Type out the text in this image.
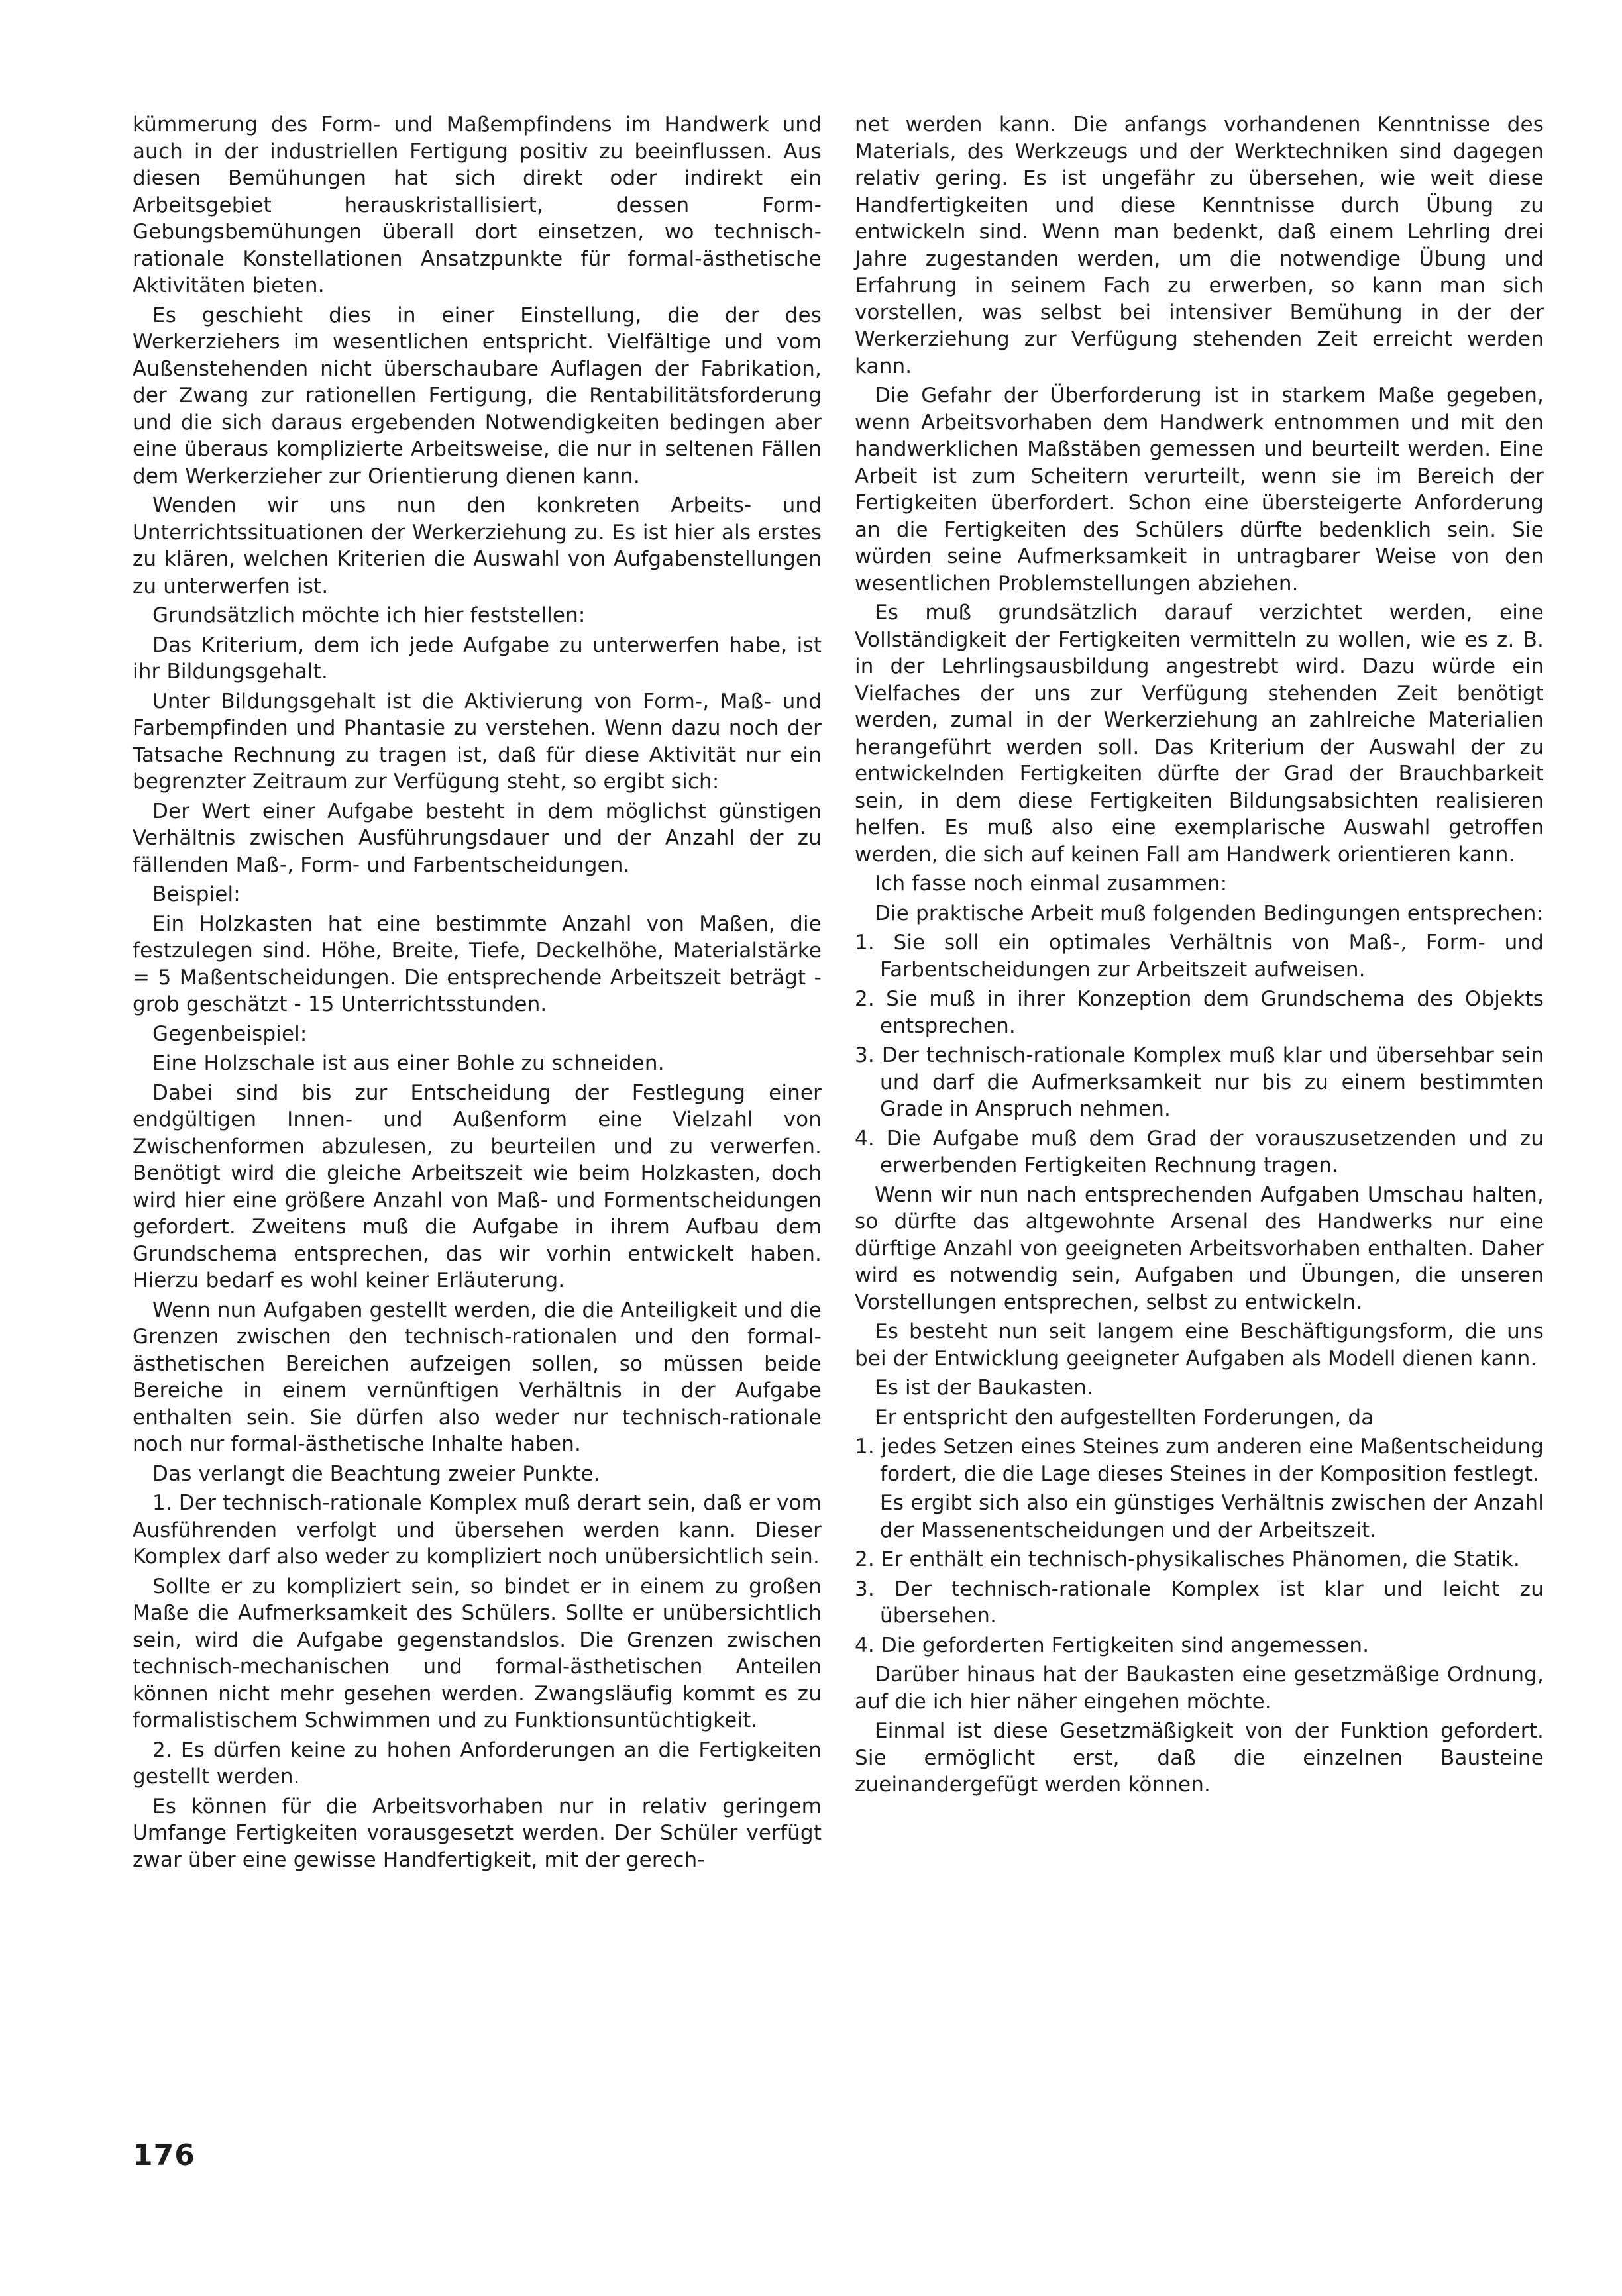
kümmerung des Form- und Maßempfindens im Handwerk und auch in der industriellen Fertigung positiv zu beeinflussen. Aus diesen Bemühungen hat sich direkt oder indirekt ein Arbeitsgebiet herauskristallisiert, dessen Form-Gebungsbemühungen überall dort einsetzen, wo technisch-rationale Konstellationen Ansatzpunkte für formal-ästhetische Aktivitäten bieten.

Es geschieht dies in einer Einstellung, die der des Werkerziehers im wesentlichen entspricht. Vielfältige und vom Außenstehenden nicht überschaubare Auflagen der Fabrikation, der Zwang zur rationellen Fertigung, die Rentabilitätsforderung und die sich daraus ergebenden Notwendigkeiten bedingen aber eine überaus komplizierte Arbeitsweise, die nur in seltenen Fällen dem Werkerzieher zur Orientierung dienen kann.

Wenden wir uns nun den konkreten Arbeits- und Unterrichtssituationen der Werkerziehung zu. Es ist hier als erstes zu klären, welchen Kriterien die Auswahl von Aufgabenstellungen zu unterwerfen ist.

Grundsätzlich möchte ich hier feststellen:

Das Kriterium, dem ich jede Aufgabe zu unterwerfen habe, ist ihr Bildungsgehalt.

Unter Bildungsgehalt ist die Aktivierung von Form-, Maß- und Farbempfinden und Phantasie zu verstehen. Wenn dazu noch der Tatsache Rechnung zu tragen ist, daß für diese Aktivität nur ein begrenzter Zeitraum zur Verfügung steht, so ergibt sich:

Der Wert einer Aufgabe besteht in dem möglichst günstigen Verhältnis zwischen Ausführungsdauer und der Anzahl der zu fällenden Maß-, Form- und Farbentscheidungen.

Beispiel:

Ein Holzkasten hat eine bestimmte Anzahl von Maßen, die festzulegen sind. Höhe, Breite, Tiefe, Deckelhöhe, Materialstärke = 5 Maßentscheidungen. Die entsprechende Arbeitszeit beträgt - grob geschätzt - 15 Unterrichtsstunden.

Gegenbeispiel:

Eine Holzschale ist aus einer Bohle zu schneiden.

Dabei sind bis zur Entscheidung der Festlegung einer endgültigen Innen- und Außenform eine Vielzahl von Zwischenformen abzulesen, zu beurteilen und zu verwerfen. Benötigt wird die gleiche Arbeitszeit wie beim Holzkasten, doch wird hier eine größere Anzahl von Maß- und Formentscheidungen gefordert. Zweitens muß die Aufgabe in ihrem Aufbau dem Grundschema entsprechen, das wir vorhin entwickelt haben. Hierzu bedarf es wohl keiner Erläuterung.

Wenn nun Aufgaben gestellt werden, die die Anteiligkeit und die Grenzen zwischen den technisch-rationalen und den formal-ästhetischen Bereichen aufzeigen sollen, so müssen beide Bereiche in einem vernünftigen Verhältnis in der Aufgabe enthalten sein. Sie dürfen also weder nur technisch-rationale noch nur formal-ästhetische Inhalte haben.

Das verlangt die Beachtung zweier Punkte.

1. Der technisch-rationale Komplex muß derart sein, daß er vom Ausführenden verfolgt und übersehen werden kann. Dieser Komplex darf also weder zu kompliziert noch unübersichtlich sein.

Sollte er zu kompliziert sein, so bindet er in einem zu großen Maße die Aufmerksamkeit des Schülers. Sollte er unübersichtlich sein, wird die Aufgabe gegenstandslos. Die Grenzen zwischen technisch-mechanischen und formal-ästhetischen Anteilen können nicht mehr gesehen werden. Zwangsläufig kommt es zu formalistischem Schwimmen und zu Funktionsuntüchtigkeit.

2. Es dürfen keine zu hohen Anforderungen an die Fertigkeiten gestellt werden.

Es können für die Arbeitsvorhaben nur in relativ geringem Umfange Fertigkeiten vorausgesetzt werden. Der Schüler verfügt zwar über eine gewisse Handfertigkeit, mit der gerech-

net werden kann. Die anfangs vorhandenen Kenntnisse des Materials, des Werkzeugs und der Werktechniken sind dagegen relativ gering. Es ist ungefähr zu übersehen, wie weit diese Handfertigkeiten und diese Kenntnisse durch Übung zu entwickeln sind. Wenn man bedenkt, daß einem Lehrling drei Jahre zugestanden werden, um die notwendige Übung und Erfahrung in seinem Fach zu erwerben, so kann man sich vorstellen, was selbst bei intensiver Bemühung in der der Werkerziehung zur Verfügung stehenden Zeit erreicht werden kann.

Die Gefahr der Überforderung ist in starkem Maße gegeben, wenn Arbeitsvorhaben dem Handwerk entnommen und mit den handwerklichen Maßstäben gemessen und beurteilt werden. Eine Arbeit ist zum Scheitern verurteilt, wenn sie im Bereich der Fertigkeiten überfordert. Schon eine übersteigerte Anforderung an die Fertigkeiten des Schülers dürfte bedenklich sein. Sie würden seine Aufmerksamkeit in untragbarer Weise von den wesentlichen Problemstellungen abziehen.

Es muß grundsätzlich darauf verzichtet werden, eine Vollständigkeit der Fertigkeiten vermitteln zu wollen, wie es z. B. in der Lehrlingsausbildung angestrebt wird. Dazu würde ein Vielfaches der uns zur Verfügung stehenden Zeit benötigt werden, zumal in der Werkerziehung an zahlreiche Materialien herangeführt werden soll. Das Kriterium der Auswahl der zu entwickelnden Fertigkeiten dürfte der Grad der Brauchbarkeit sein, in dem diese Fertigkeiten Bildungsabsichten realisieren helfen. Es muß also eine exemplarische Auswahl getroffen werden, die sich auf keinen Fall am Handwerk orientieren kann.

Ich fasse noch einmal zusammen:

Die praktische Arbeit muß folgenden Bedingungen entsprechen:

1. Sie soll ein optimales Verhältnis von Maß-, Form- und Farbentscheidungen zur Arbeitszeit aufweisen.

2. Sie muß in ihrer Konzeption dem Grundschema des Objekts entsprechen.

3. Der technisch-rationale Komplex muß klar und übersehbar sein und darf die Aufmerksamkeit nur bis zu einem bestimmten Grade in Anspruch nehmen.

4. Die Aufgabe muß dem Grad der vorauszusetzenden und zu erwerbenden Fertigkeiten Rechnung tragen.

Wenn wir nun nach entsprechenden Aufgaben Umschau halten, so dürfte das altgewohnte Arsenal des Handwerks nur eine dürftige Anzahl von geeigneten Arbeitsvorhaben enthalten. Daher wird es notwendig sein, Aufgaben und Übungen, die unseren Vorstellungen entsprechen, selbst zu entwickeln.

Es besteht nun seit langem eine Beschäftigungsform, die uns bei der Entwicklung geeigneter Aufgaben als Modell dienen kann.

Es ist der Baukasten.

Er entspricht den aufgestellten Forderungen, da

1. jedes Setzen eines Steines zum anderen eine Maßentscheidung fordert, die die Lage dieses Steines in der Komposition festlegt.

Es ergibt sich also ein günstiges Verhältnis zwischen der Anzahl der Massenentscheidungen und der Arbeitszeit.

2. Er enthält ein technisch-physikalisches Phänomen, die Statik.

3. Der technisch-rationale Komplex ist klar und leicht zu übersehen.

4. Die geforderten Fertigkeiten sind angemessen.

Darüber hinaus hat der Baukasten eine gesetzmäßige Ordnung, auf die ich hier näher eingehen möchte.

Einmal ist diese Gesetzmäßigkeit von der Funktion gefordert. Sie ermöglicht erst, daß die einzelnen Bausteine zueinandergefügt werden können.

176
